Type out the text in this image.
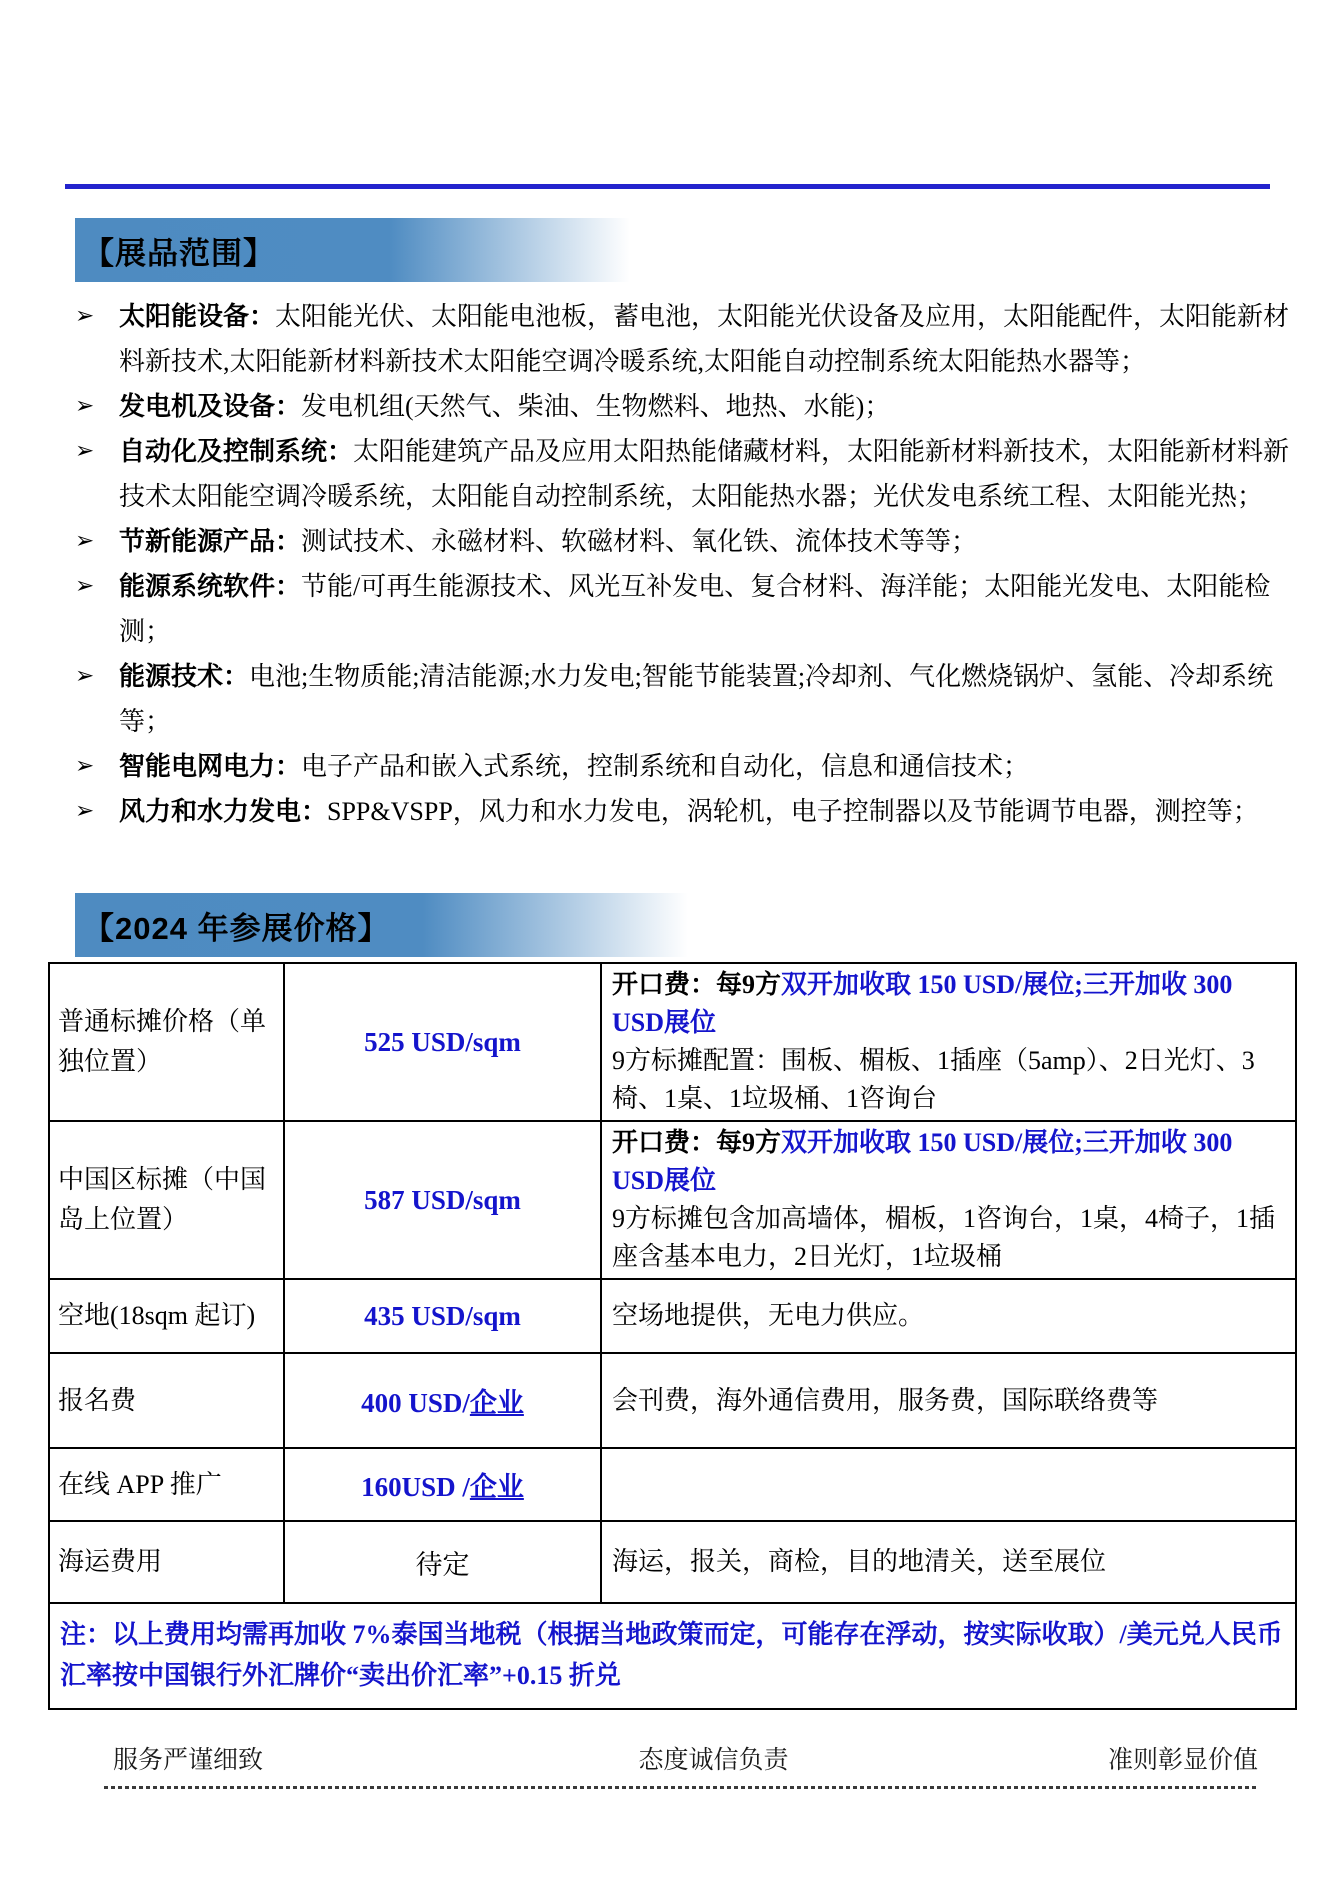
【展品范围】
➢ 太阳能设备：太阳能光伏、太阳能电池板，蓄电池，太阳能光伏设备及应用，太阳能配件，太阳能新材料新技术,太阳能新材料新技术太阳能空调冷暖系统,太阳能自动控制系统太阳能热水器等；
➢ 发电机及设备：发电机组(天然气、柴油、生物燃料、地热、水能)；
➢ 自动化及控制系统：太阳能建筑产品及应用太阳热能储藏材料，太阳能新材料新技术，太阳能新材料新技术太阳能空调冷暖系统，太阳能自动控制系统，太阳能热水器；光伏发电系统工程、太阳能光热；
➢ 节新能源产品：测试技术、永磁材料、软磁材料、氧化铁、流体技术等等；
➢ 能源系统软件：节能/可再生能源技术、风光互补发电、复合材料、海洋能；太阳能光发电、太阳能检测；
➢ 能源技术：电池;生物质能;清洁能源;水力发电;智能节能装置;冷却剂、气化燃烧锅炉、氢能、冷却系统等；
➢ 智能电网电力：电子产品和嵌入式系统，控制系统和自动化，信息和通信技术；
➢ 风力和水力发电：SPP&VSPP，风力和水力发电，涡轮机，电子控制器以及节能调节电器，测控等；
【2024 年参展价格】
普通标摊价格（单独位置）	525 USD/sqm	开口费：每9方双开加收取 150 USD/展位;三开加收 300 USD展位
9方标摊配置：围板、楣板、1插座（5amp）、2日光灯、3椅、1桌、1垃圾桶、1咨询台
中国区标摊（中国岛上位置）	587 USD/sqm	开口费：每9方双开加收取 150 USD/展位;三开加收 300 USD展位
9方标摊包含加高墙体，楣板，1咨询台，1桌，4椅子，1插座含基本电力，2日光灯，1垃圾桶
空地(18sqm 起订)	435 USD/sqm	空场地提供，无电力供应。
报名费	400 USD/企业	会刊费，海外通信费用，服务费，国际联络费等
在线 APP 推广	160USD /企业	
海运费用	待定	海运，报关，商检，目的地清关，送至展位
注：以上费用均需再加收 7%泰国当地税（根据当地政策而定，可能存在浮动，按实际收取）/美元兑人民币汇率按中国银行外汇牌价“卖出价汇率”+0.15 折兑		
服务严谨细致	态度诚信负责	准则彰显价值
